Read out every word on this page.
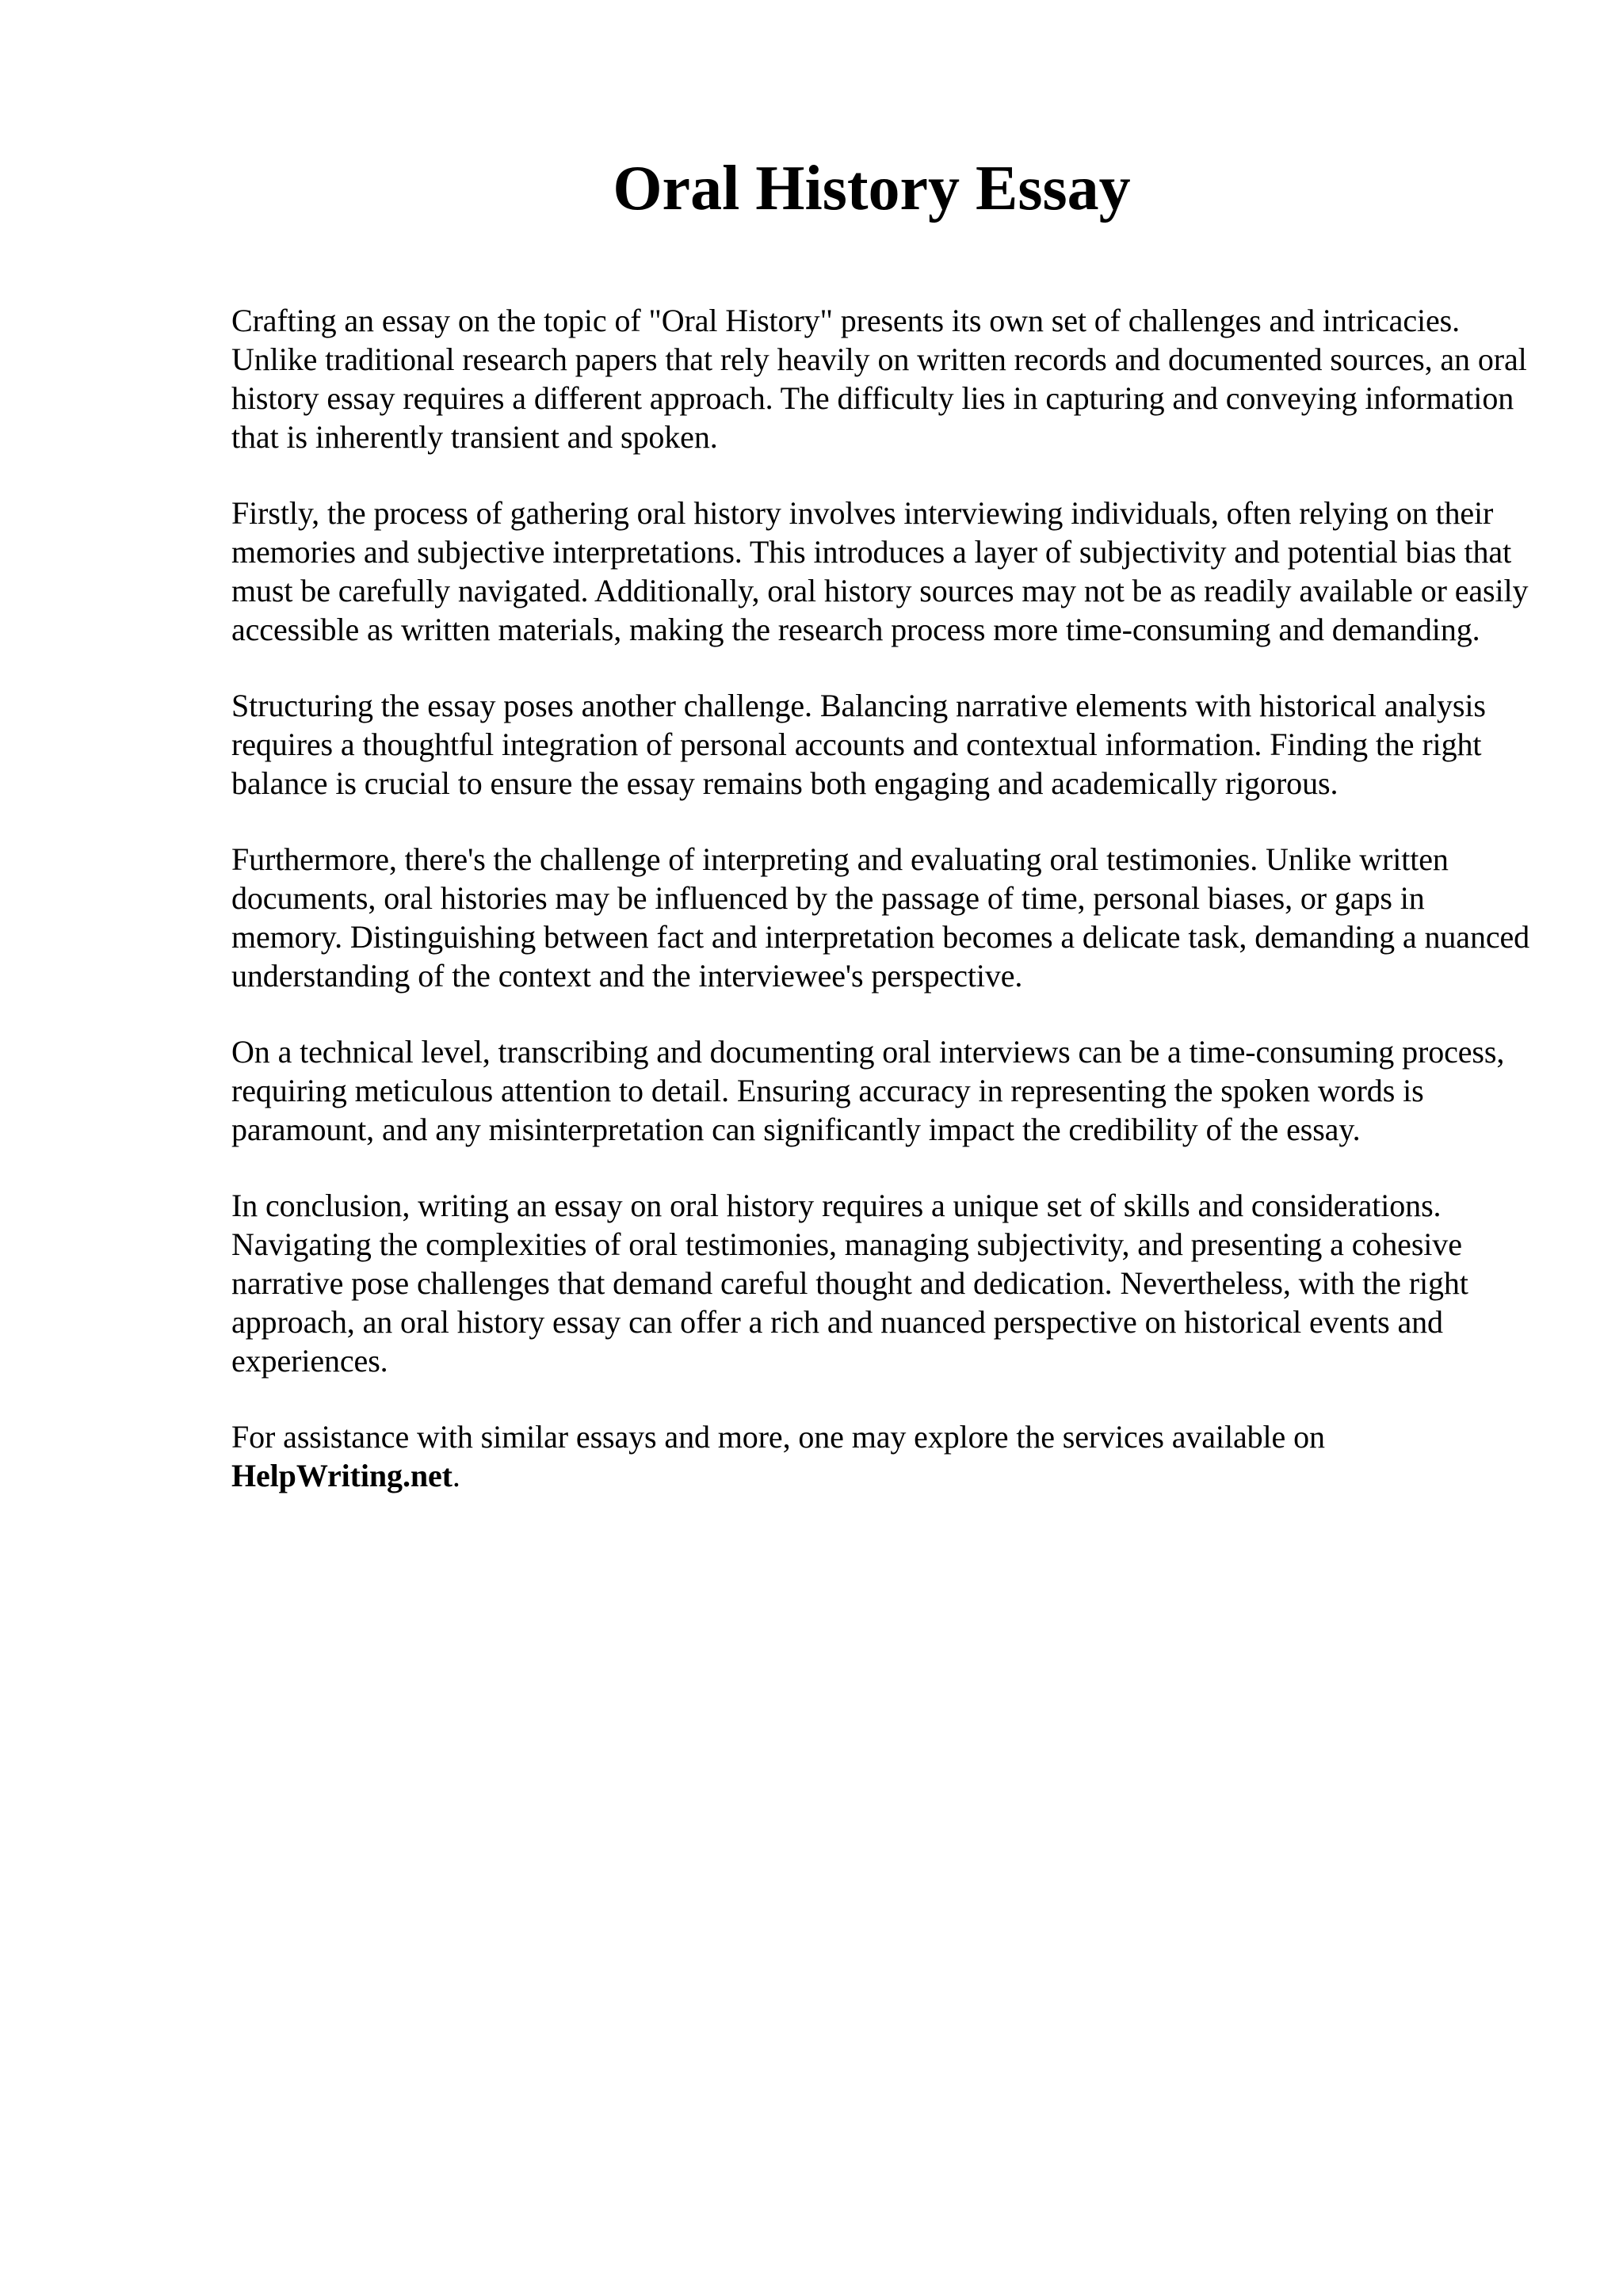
Oral History Essay

Crafting an essay on the topic of "Oral History" presents its own set of challenges and intricacies. Unlike traditional research papers that rely heavily on written records and documented sources, an oral history essay requires a different approach. The difficulty lies in capturing and conveying information that is inherently transient and spoken.

Firstly, the process of gathering oral history involves interviewing individuals, often relying on their memories and subjective interpretations. This introduces a layer of subjectivity and potential bias that must be carefully navigated. Additionally, oral history sources may not be as readily available or easily accessible as written materials, making the research process more time-consuming and demanding.

Structuring the essay poses another challenge. Balancing narrative elements with historical analysis requires a thoughtful integration of personal accounts and contextual information. Finding the right balance is crucial to ensure the essay remains both engaging and academically rigorous.

Furthermore, there's the challenge of interpreting and evaluating oral testimonies. Unlike written documents, oral histories may be influenced by the passage of time, personal biases, or gaps in memory. Distinguishing between fact and interpretation becomes a delicate task, demanding a nuanced understanding of the context and the interviewee's perspective.

On a technical level, transcribing and documenting oral interviews can be a time-consuming process, requiring meticulous attention to detail. Ensuring accuracy in representing the spoken words is paramount, and any misinterpretation can significantly impact the credibility of the essay.

In conclusion, writing an essay on oral history requires a unique set of skills and considerations. Navigating the complexities of oral testimonies, managing subjectivity, and presenting a cohesive narrative pose challenges that demand careful thought and dedication. Nevertheless, with the right approach, an oral history essay can offer a rich and nuanced perspective on historical events and experiences.

For assistance with similar essays and more, one may explore the services available on HelpWriting.net.
